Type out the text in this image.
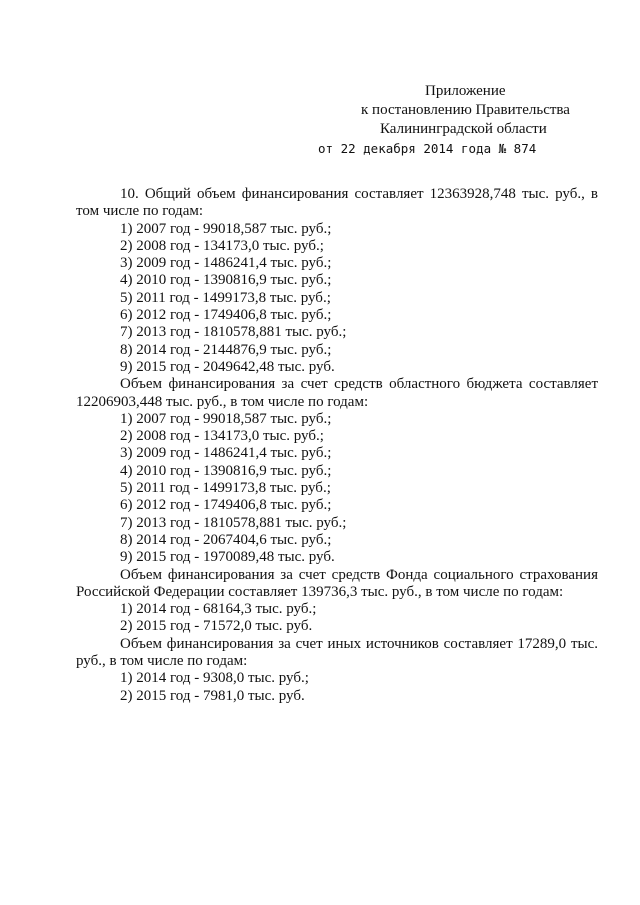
Приложение
к постановлению Правительства
Калининградской области
от 22 декабря 2014 года № 874

10. Общий объем финансирования составляет 12363928,748 тыс. руб., в том числе по годам:

1) 2007 год - 99018,587 тыс. руб.;
2) 2008 год - 134173,0 тыс. руб.;
3) 2009 год - 1486241,4 тыс. руб.;
4) 2010 год - 1390816,9 тыс. руб.;
5) 2011 год - 1499173,8 тыс. руб.;
6) 2012 год - 1749406,8 тыс. руб.;
7) 2013 год - 1810578,881 тыс. руб.;
8) 2014 год - 2144876,9 тыс. руб.;
9) 2015 год - 2049642,48 тыс. руб.

Объем финансирования за счет средств областного бюджета составляет 12206903,448 тыс. руб., в том числе по годам:

1) 2007 год - 99018,587 тыс. руб.;
2) 2008 год - 134173,0 тыс. руб.;
3) 2009 год - 1486241,4 тыс. руб.;
4) 2010 год - 1390816,9 тыс. руб.;
5) 2011 год - 1499173,8 тыс. руб.;
6) 2012 год - 1749406,8 тыс. руб.;
7) 2013 год - 1810578,881 тыс. руб.;
8) 2014 год - 2067404,6 тыс. руб.;
9) 2015 год - 1970089,48 тыс. руб.

Объем финансирования за счет средств Фонда социального страхования Российской Федерации составляет 139736,3 тыс. руб., в том числе по годам:

1) 2014 год - 68164,3 тыс. руб.;
2) 2015 год - 71572,0 тыс. руб.

Объем финансирования за счет иных источников составляет 17289,0 тыс. руб., в том числе по годам:

1) 2014 год - 9308,0 тыс. руб.;
2) 2015 год - 7981,0 тыс. руб.
